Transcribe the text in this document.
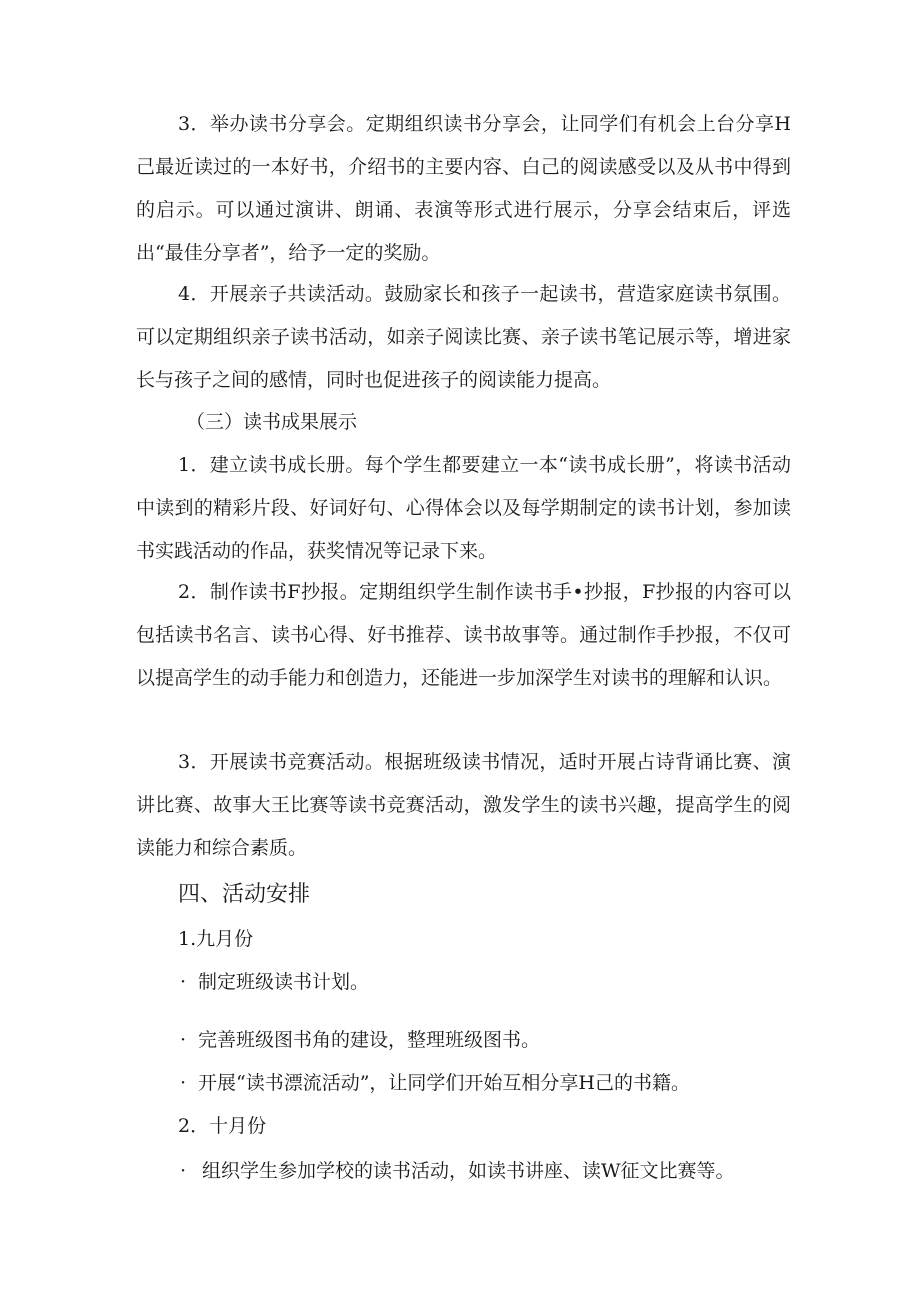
3．举办读书分享会。定期组织读书分享会，让同学们有机会上台分享H己最近读过的一本好书，介绍书的主要内容、白己的阅读感受以及从书中得到的启示。可以通过演讲、朗诵、表演等形式进行展示，分享会结束后，评选出“最佳分享者”，给予一定的奖励。

4．开展亲子共读活动。鼓励家长和孩子一起读书，营造家庭读书氛围。可以定期组织亲子读书活动，如亲子阅读比赛、亲子读书笔记展示等，增进家长与孩子之间的感情，同时也促进孩子的阅读能力提高。

（三）读书成果展示

1．建立读书成长册。每个学生都要建立一本“读书成长册”，将读书活动中读到的精彩片段、好词好句、心得体会以及每学期制定的读书计划，参加读书实践活动的作品，获奖情况等记录下来。

2．制作读书F抄报。定期组织学生制作读书手•抄报，F抄报的内容可以包括读书名言、读书心得、好书推荐、读书故事等。通过制作手抄报，不仅可以提高学生的动手能力和创造力，还能进一步加深学生对读书的理解和认识。

3．开展读书竞赛活动。根据班级读书情况，适时开展占诗背诵比赛、演讲比赛、故事大王比赛等读书竞赛活动，激发学生的读书兴趣，提高学生的阅读能力和综合素质。

四、活动安排

1.九月份

· 制定班级读书计划。

· 完善班级图书角的建设，整理班级图书。

· 开展“读书漂流活动”，让同学们开始互相分享H己的书籍。

2．十月份

· 组织学生参加学校的读书活动，如读书讲座、读W征文比赛等。
